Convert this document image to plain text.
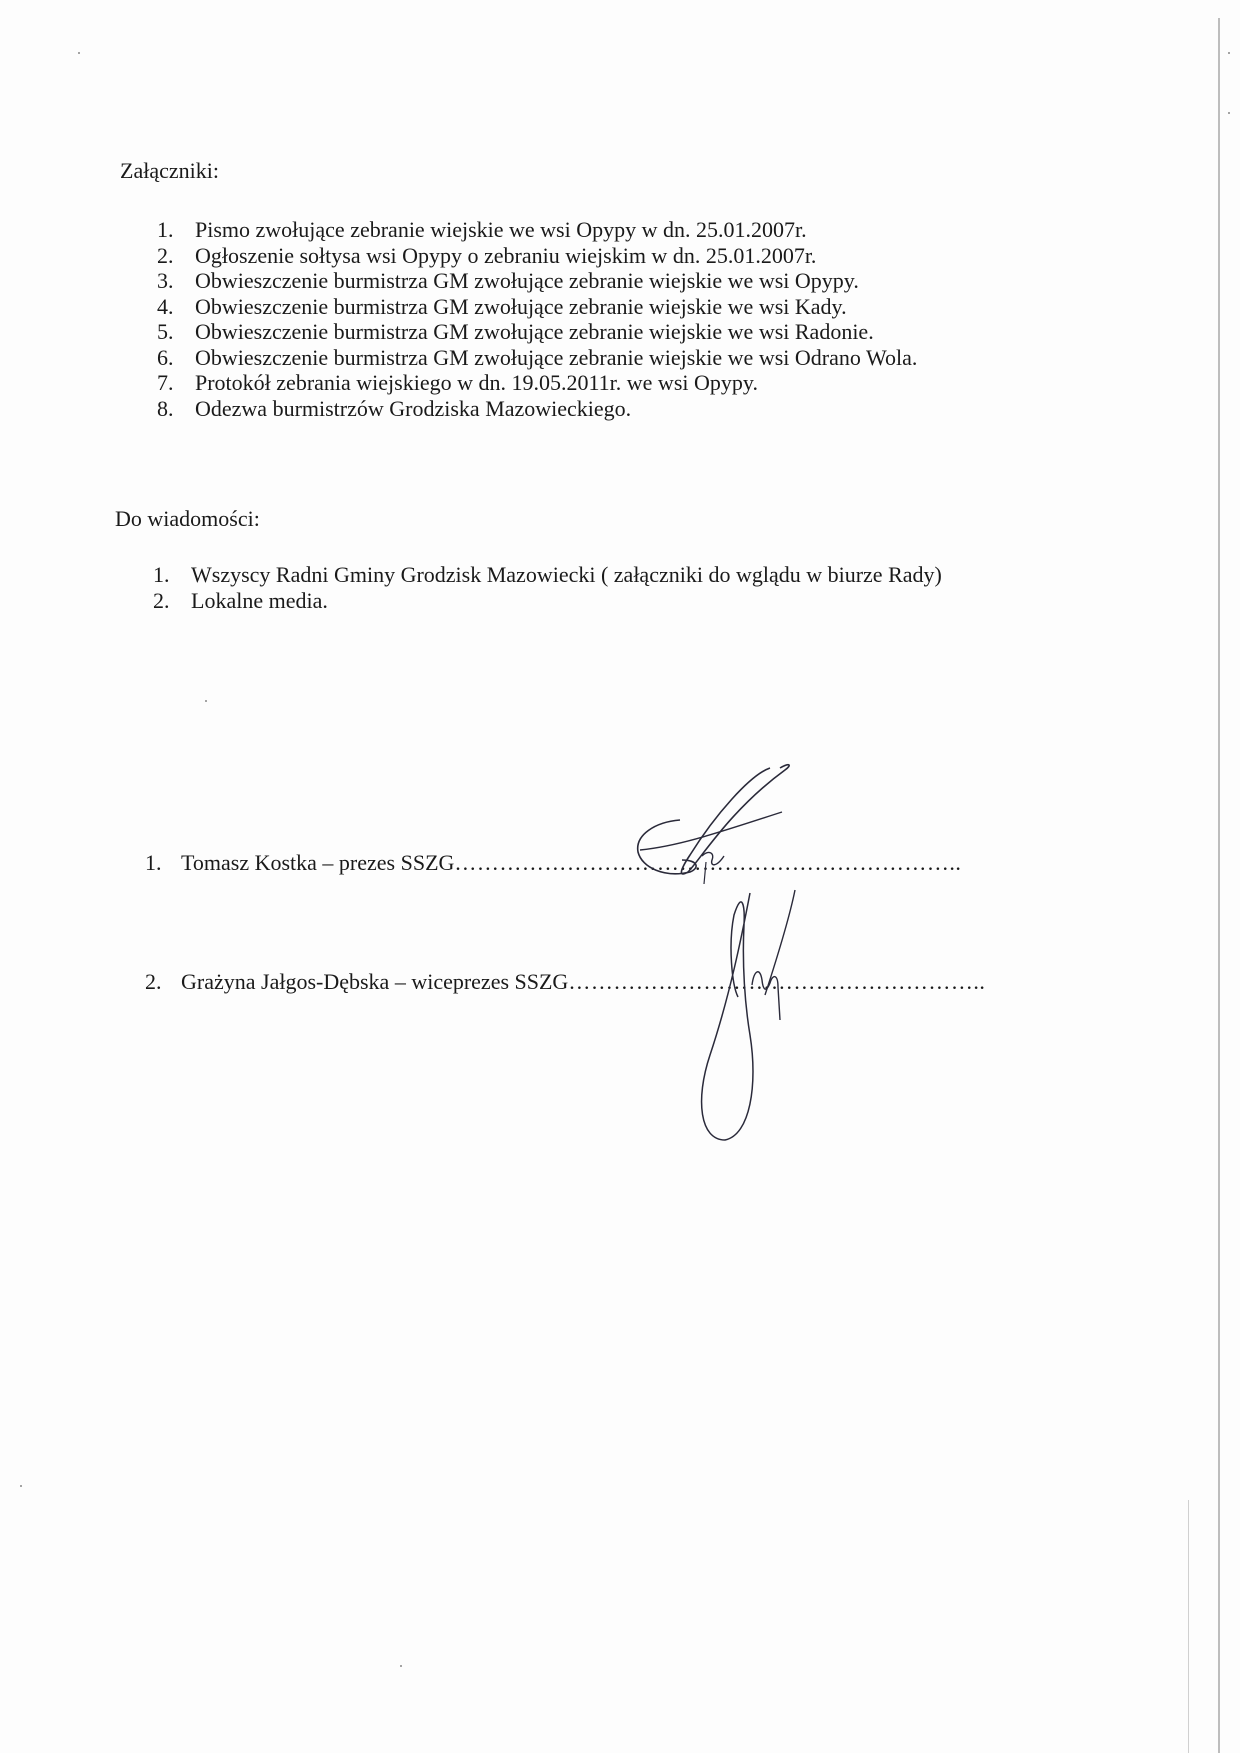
Załączniki:
1. Pismo zwołujące zebranie wiejskie we wsi Opypy w dn. 25.01.2007r.
2. Ogłoszenie sołtysa wsi Opypy o zebraniu wiejskim w dn. 25.01.2007r.
3. Obwieszczenie burmistrza GM zwołujące zebranie wiejskie we wsi Opypy.
4. Obwieszczenie burmistrza GM zwołujące zebranie wiejskie we wsi Kady.
5. Obwieszczenie burmistrza GM zwołujące zebranie wiejskie we wsi Radonie.
6. Obwieszczenie burmistrza GM zwołujące zebranie wiejskie we wsi Odrano Wola.
7. Protokół zebrania wiejskiego w dn. 19.05.2011r. we wsi Opypy.
8. Odezwa burmistrzów Grodziska Mazowieckiego.
Do wiadomości:
1. Wszyscy Radni Gminy Grodzisk Mazowiecki ( załączniki do wglądu w biurze Rady)
2. Lokalne media.
1. Tomasz Kostka – prezes SSZG…………………………………………………………..
2. Grażyna Jałgos-Dębska – wiceprezes SSZG………………………………………………..
